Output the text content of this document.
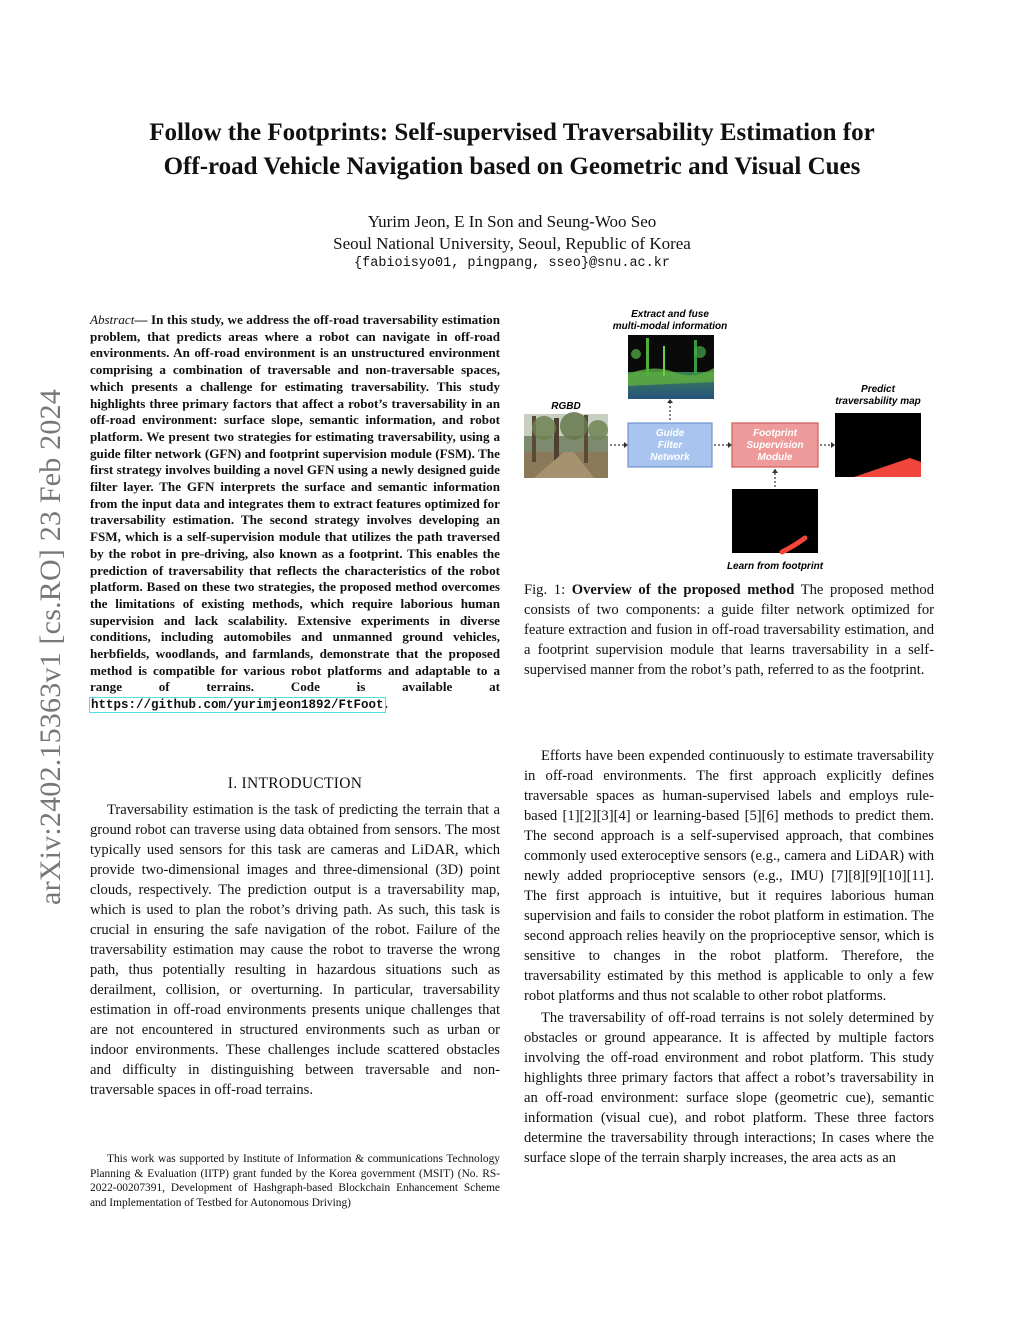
Follow the Footprints: Self-supervised Traversability Estimation for
Off-road Vehicle Navigation based on Geometric and Visual Cues
Yurim Jeon, E In Son and Seung-Woo Seo
Seoul National University, Seoul, Republic of Korea
{fabioisyo01, pingpang, sseo}@snu.ac.kr
arXiv:2402.15363v1 [cs.RO] 23 Feb 2024
Abstract— In this study, we address the off-road traversability estimation problem, that predicts areas where a robot can navigate in off-road environments. An off-road environment is an unstructured environment comprising a combination of traversable and non-traversable spaces, which presents a challenge for estimating traversability. This study highlights three primary factors that affect a robot’s traversability in an off-road environment: surface slope, semantic information, and robot platform. We present two strategies for estimating traversability, using a guide filter network (GFN) and footprint supervision module (FSM). The first strategy involves building a novel GFN using a newly designed guide filter layer. The GFN interprets the surface and semantic information from the input data and integrates them to extract features optimized for traversability estimation. The second strategy involves developing an FSM, which is a self-supervision module that utilizes the path traversed by the robot in pre-driving, also known as a footprint. This enables the prediction of traversability that reflects the characteristics of the robot platform. Based on these two strategies, the proposed method overcomes the limitations of existing methods, which require laborious human supervision and lack scalability. Extensive experiments in diverse conditions, including automobiles and unmanned ground vehicles, herbfields, woodlands, and farmlands, demonstrate that the proposed method is compatible for various robot platforms and adaptable to a range of terrains. Code is available at https://github.com/yurimjeon1892/FtFoot.
I. INTRODUCTION

Traversability estimation is the task of predicting the terrain that a ground robot can traverse using data obtained from sensors. The most typically used sensors for this task are cameras and LiDAR, which provide two-dimensional images and three-dimensional (3D) point clouds, respectively. The prediction output is a traversability map, which is used to plan the robot’s driving path. As such, this task is crucial in ensuring the safe navigation of the robot. Failure of the traversability estimation may cause the robot to traverse the wrong path, thus potentially resulting in hazardous situations such as derailment, collision, or overturning. In particular, traversability estimation in off-road environments presents unique challenges that are not encountered in structured environments such as urban or indoor environments. These challenges include scattered obstacles and difficulty in distinguishing between traversable and non-traversable spaces in off-road terrains.

This work was supported by Institute of Information & communications Technology Planning & Evaluation (IITP) grant funded by the Korea government (MSIT) (No. RS-2022-00207391, Development of Hashgraph-based Blockchain Enhancement Scheme and Implementation of Testbed for Autonomous Driving)

Extract and fuse
multi-modal information
RGBD
Guide
Filter
Network
Footprint
Supervision
Module
Predict
traversability map
Learn from footprint
Fig. 1: Overview of the proposed method The proposed method consists of two components: a guide filter network optimized for feature extraction and fusion in off-road traversability estimation, and a footprint supervision module that learns traversability in a self-supervised manner from the robot’s path, referred to as the footprint.

Efforts have been expended continuously to estimate traversability in off-road environments. The first approach explicitly defines traversable spaces as human-supervised labels and employs rule-based [1][2][3][4] or learning-based [5][6] methods to predict them. The second approach is a self-supervised approach, that combines commonly used exteroceptive sensors (e.g., camera and LiDAR) with newly added proprioceptive sensors (e.g., IMU) [7][8][9][10][11]. The first approach is intuitive, but it requires laborious human supervision and fails to consider the robot platform in estimation. The second approach relies heavily on the proprioceptive sensor, which is sensitive to changes in the robot platform. Therefore, the traversability estimated by this method is applicable to only a few robot platforms and thus not scalable to other robot platforms.

The traversability of off-road terrains is not solely determined by obstacles or ground appearance. It is affected by multiple factors involving the off-road environment and robot platform. This study highlights three primary factors that affect a robot’s traversability in an off-road environment: surface slope (geometric cue), semantic information (visual cue), and robot platform. These three factors determine the traversability through interactions; In cases where the surface slope of the terrain sharply increases, the area acts as an
